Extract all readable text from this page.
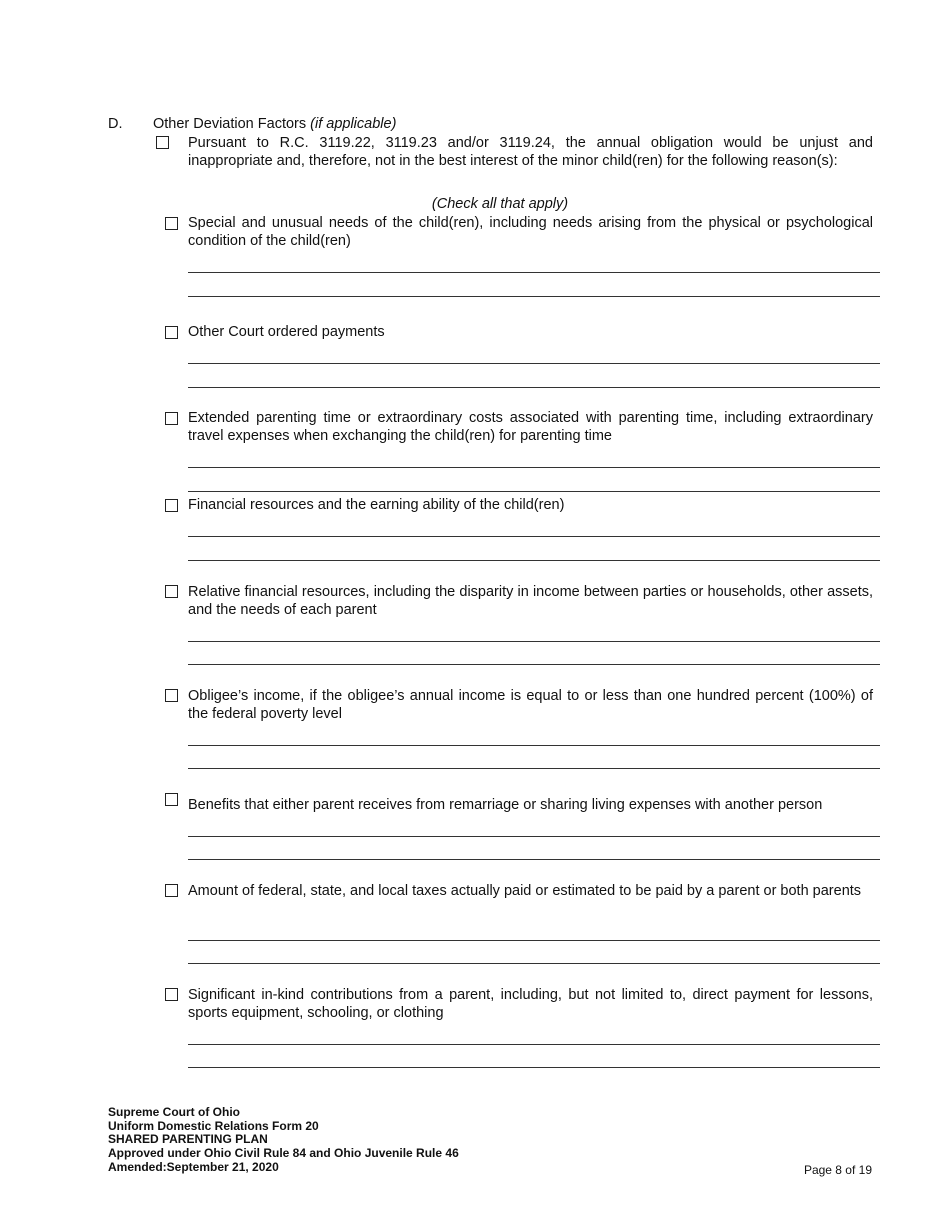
D. Other Deviation Factors (if applicable)
Pursuant to R.C. 3119.22, 3119.23 and/or 3119.24, the annual obligation would be unjust and inappropriate and, therefore, not in the best interest of the minor child(ren) for the following reason(s):
(Check all that apply)
Special and unusual needs of the child(ren), including needs arising from the physical or psychological condition of the child(ren)
Other Court ordered payments
Extended parenting time or extraordinary costs associated with parenting time, including extraordinary travel expenses when exchanging the child(ren) for parenting time
Financial resources and the earning ability of the child(ren)
Relative financial resources, including the disparity in income between parties or households, other assets, and the needs of each parent
Obligee’s income, if the obligee’s annual income is equal to or less than one hundred percent (100%) of the federal poverty level
Benefits that either parent receives from remarriage or sharing living expenses with another person
Amount of federal, state, and local taxes actually paid or estimated to be paid by a parent or both parents
Significant in-kind contributions from a parent, including, but not limited to, direct payment for lessons, sports equipment, schooling, or clothing
Supreme Court of Ohio
Uniform Domestic Relations Form 20
SHARED PARENTING PLAN
Approved under Ohio Civil Rule 84 and Ohio Juvenile Rule 46
Amended:September 21, 2020	Page 8 of 19
